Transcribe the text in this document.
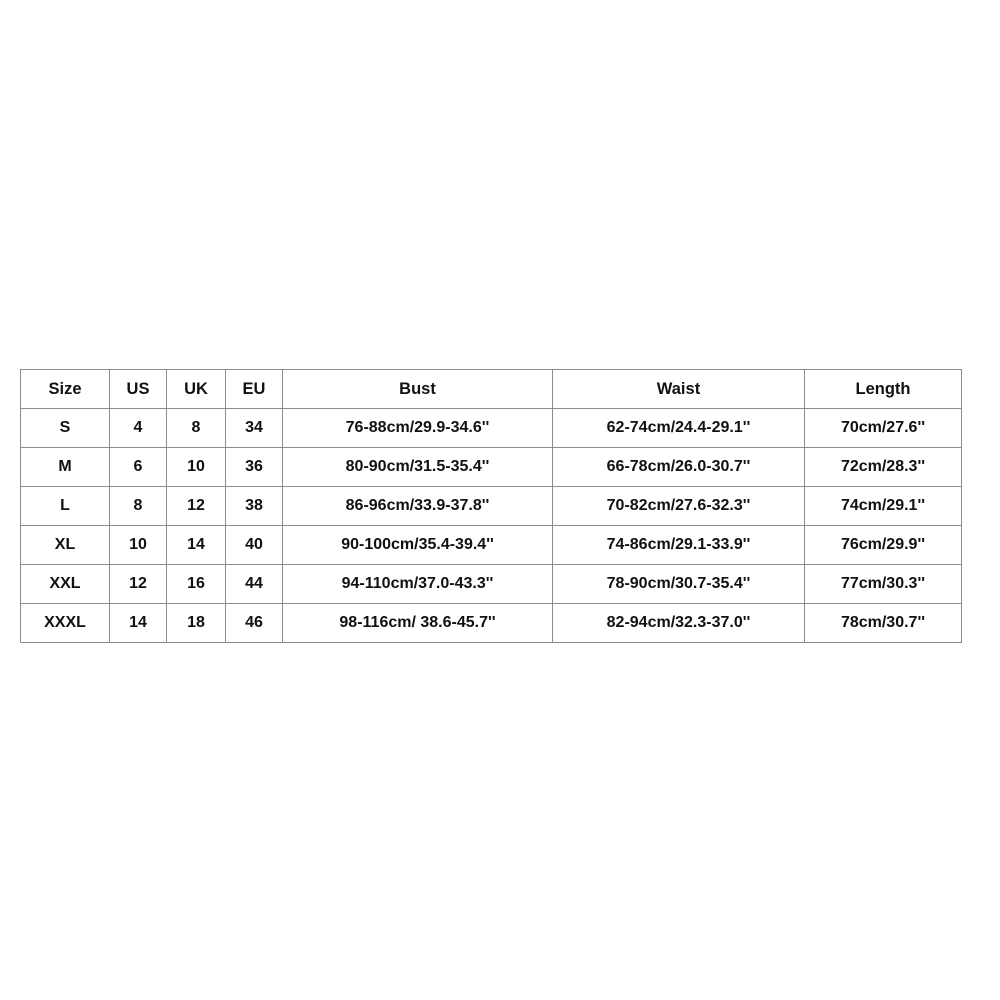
Size	US	UK	EU	Bust	Waist	Length
S	4	8	34	76-88cm/29.9-34.6''	62-74cm/24.4-29.1''	70cm/27.6''
M	6	10	36	80-90cm/31.5-35.4''	66-78cm/26.0-30.7''	72cm/28.3''
L	8	12	38	86-96cm/33.9-37.8''	70-82cm/27.6-32.3''	74cm/29.1''
XL	10	14	40	90-100cm/35.4-39.4''	74-86cm/29.1-33.9''	76cm/29.9''
XXL	12	16	44	94-110cm/37.0-43.3''	78-90cm/30.7-35.4''	77cm/30.3''
XXXL	14	18	46	98-116cm/ 38.6-45.7''	82-94cm/32.3-37.0''	78cm/30.7''
